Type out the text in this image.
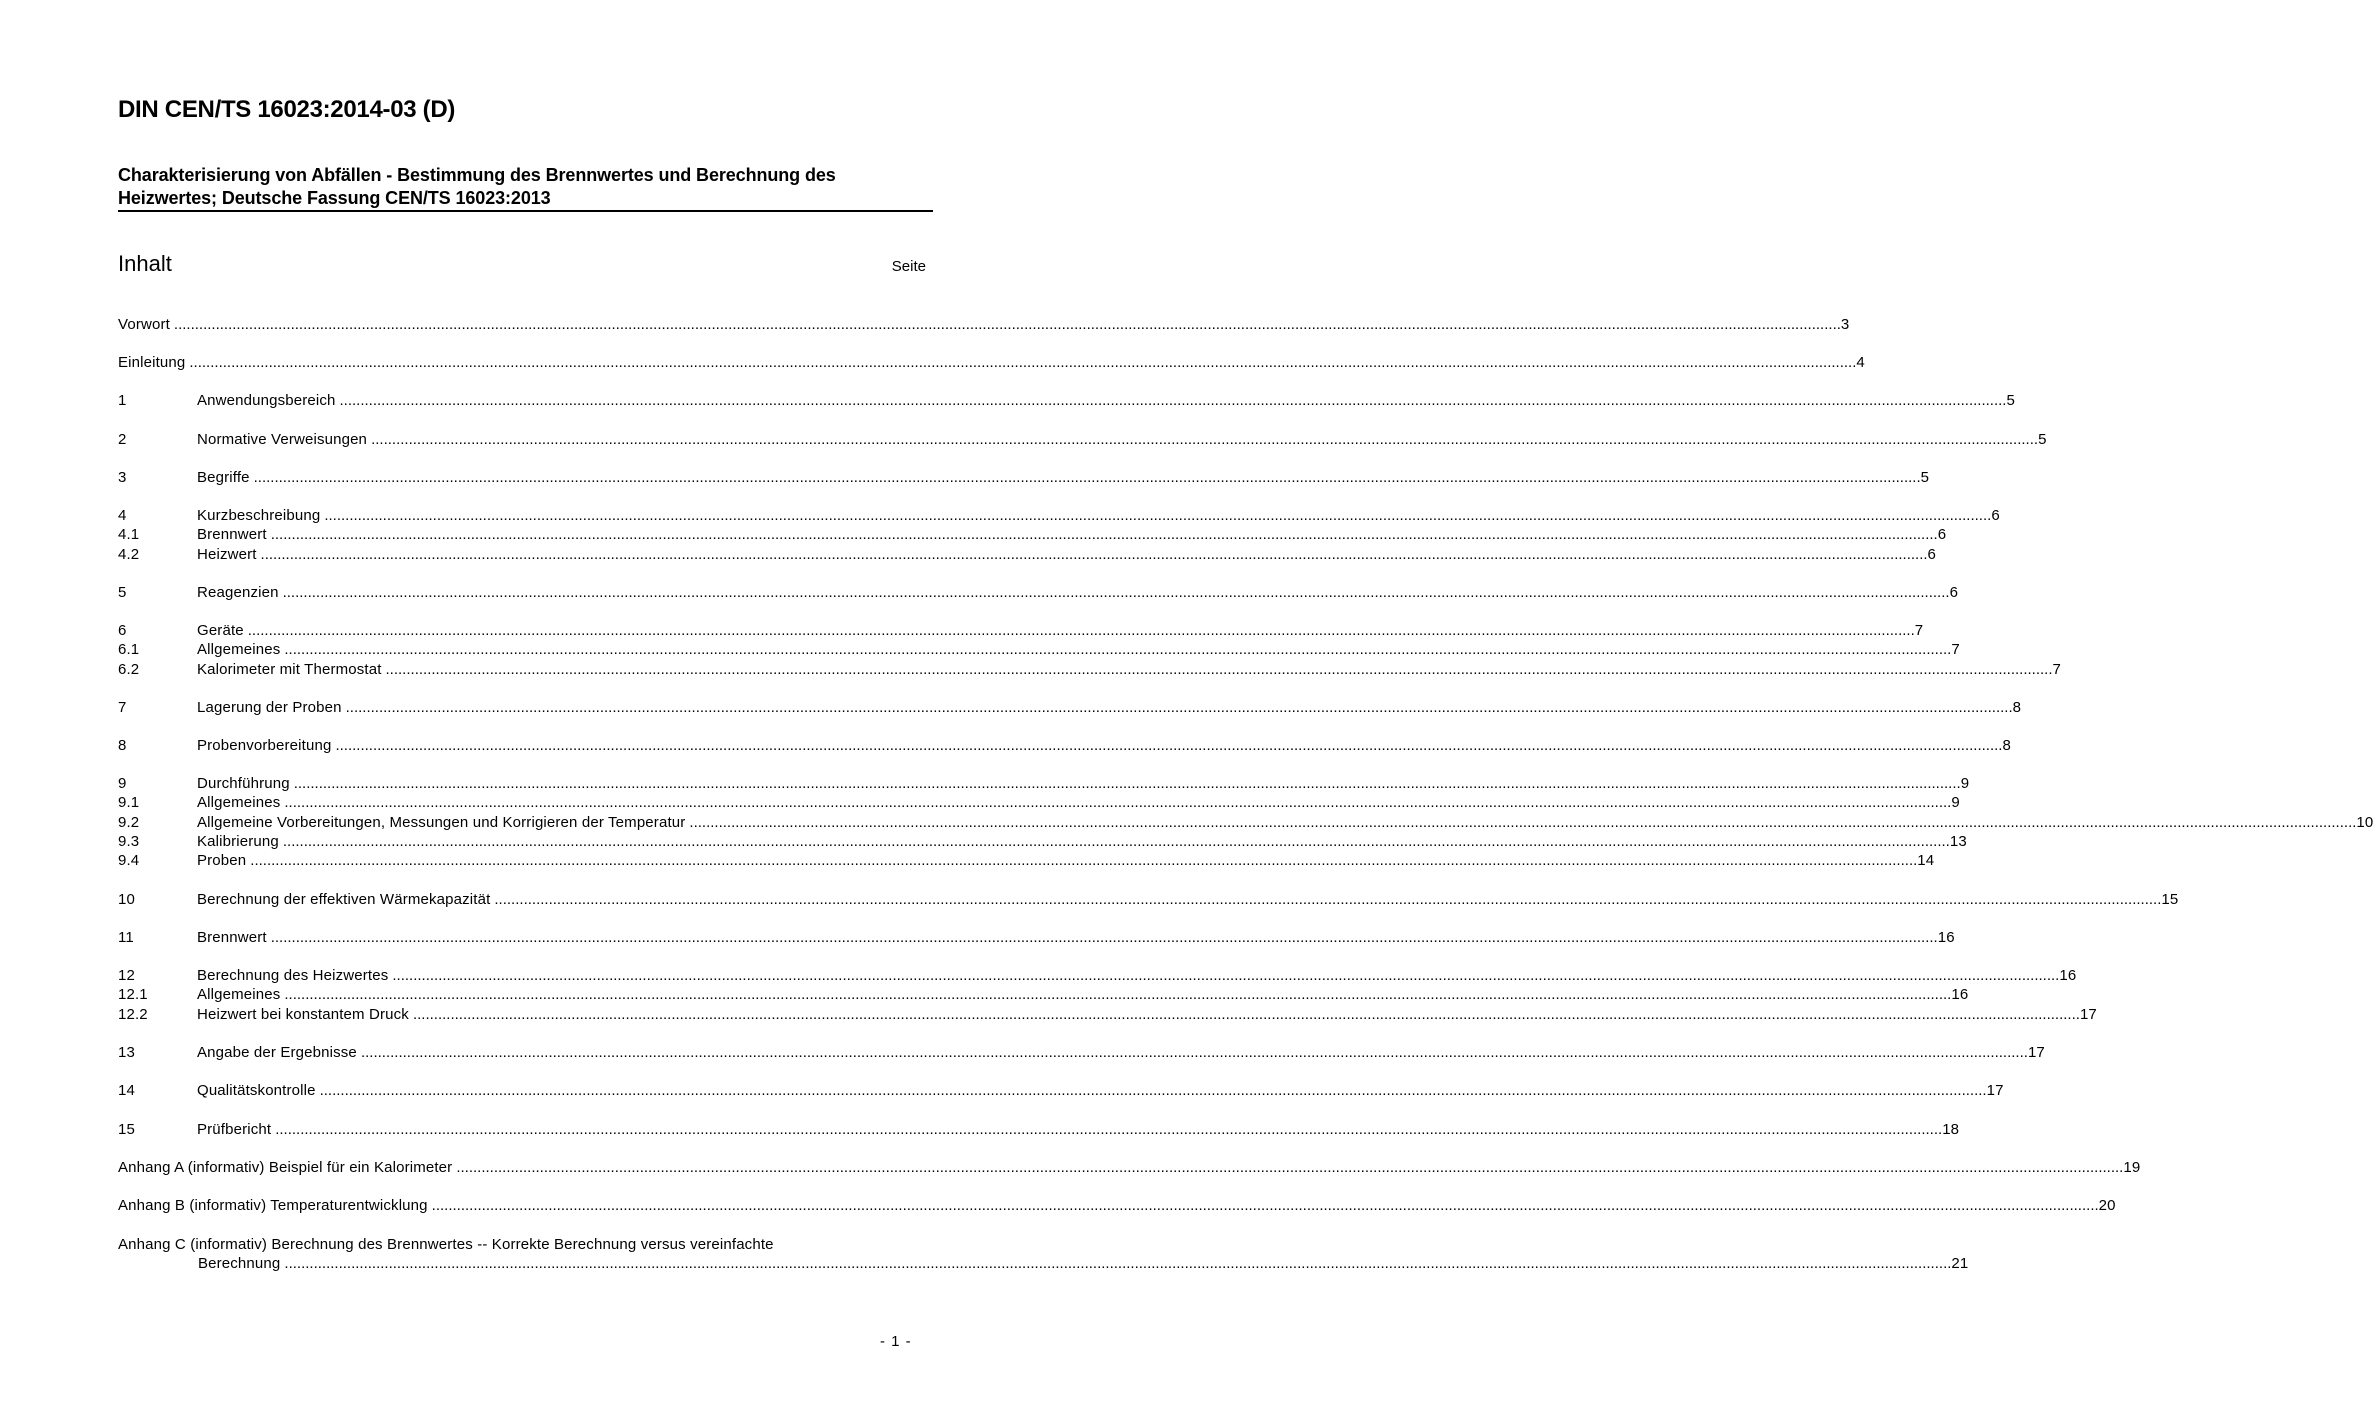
DIN CEN/TS 16023:2014-03 (D)
Charakterisierung von Abfällen - Bestimmung des Brennwertes und Berechnung des Heizwertes; Deutsche Fassung CEN/TS 16023:2013
Inhalt	Seite
Vorwort ................................................................................................................................................................................................................................................................................................................................................................................................................ 3
Einleitung ................................................................................................................................................................................................................................................................................................................................................................................................................ 4
1	Anwendungsbereich ................................................................................................................................................................................................................................................................................................................................................................................................................ 5
2	Normative Verweisungen ................................................................................................................................................................................................................................................................................................................................................................................................................ 5
3	Begriffe ................................................................................................................................................................................................................................................................................................................................................................................................................ 5
4	Kurzbeschreibung ................................................................................................................................................................................................................................................................................................................................................................................................................ 6
4.1	Brennwert ................................................................................................................................................................................................................................................................................................................................................................................................................ 6
4.2	Heizwert ................................................................................................................................................................................................................................................................................................................................................................................................................ 6
5	Reagenzien ................................................................................................................................................................................................................................................................................................................................................................................................................ 6
6	Geräte ................................................................................................................................................................................................................................................................................................................................................................................................................ 7
6.1	Allgemeines ................................................................................................................................................................................................................................................................................................................................................................................................................ 7
6.2	Kalorimeter mit Thermostat ................................................................................................................................................................................................................................................................................................................................................................................................................ 7
7	Lagerung der Proben ................................................................................................................................................................................................................................................................................................................................................................................................................ 8
8	Probenvorbereitung ................................................................................................................................................................................................................................................................................................................................................................................................................ 8
9	Durchführung ................................................................................................................................................................................................................................................................................................................................................................................................................ 9
9.1	Allgemeines ................................................................................................................................................................................................................................................................................................................................................................................................................ 9
9.2	Allgemeine Vorbereitungen, Messungen und Korrigieren der Temperatur ................................................................................................................................................................................................................................................................................................................................................................................................................ 10
9.3	Kalibrierung ................................................................................................................................................................................................................................................................................................................................................................................................................ 13
9.4	Proben ................................................................................................................................................................................................................................................................................................................................................................................................................ 14
10	Berechnung der effektiven Wärmekapazität ................................................................................................................................................................................................................................................................................................................................................................................................................ 15
11	Brennwert ................................................................................................................................................................................................................................................................................................................................................................................................................ 16
12	Berechnung des Heizwertes ................................................................................................................................................................................................................................................................................................................................................................................................................ 16
12.1	Allgemeines ................................................................................................................................................................................................................................................................................................................................................................................................................ 16
12.2	Heizwert bei konstantem Druck ................................................................................................................................................................................................................................................................................................................................................................................................................ 17
13	Angabe der Ergebnisse ................................................................................................................................................................................................................................................................................................................................................................................................................ 17
14	Qualitätskontrolle ................................................................................................................................................................................................................................................................................................................................................................................................................ 17
15	Prüfbericht ................................................................................................................................................................................................................................................................................................................................................................................................................ 18
Anhang A (informativ) Beispiel für ein Kalorimeter ................................................................................................................................................................................................................................................................................................................................................................................................................ 19
Anhang B (informativ) Temperaturentwicklung ................................................................................................................................................................................................................................................................................................................................................................................................................ 20
Anhang C (informativ) Berechnung des Brennwertes -- Korrekte Berechnung versus vereinfachte
Berechnung ................................................................................................................................................................................................................................................................................................................................................................................................................ 21
- 1 -
